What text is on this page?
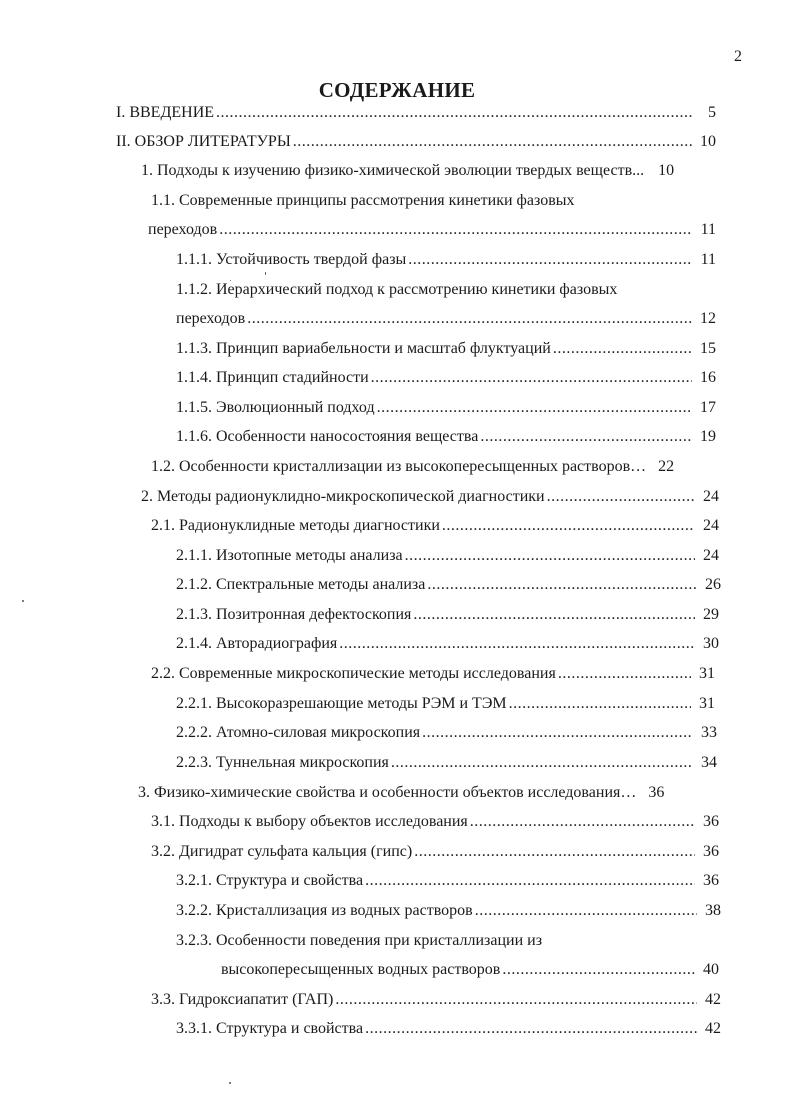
2
СОДЕРЖАНИЕ
I. ВВЕДЕНИЕ .....	5
II. ОБЗОР ЛИТЕРАТУРЫ .....	10
1. Подходы к изучению физико-химической эволюции твердых веществ... 10
1.1. Современные принципы рассмотрения кинетики фазовых
переходов .....	11
1.1.1. Устойчивость твердой фазы .....	11
1.1.2. Иерархический подход к рассмотрению кинетики фазовых
переходов .....	12
1.1.3. Принцип вариабельности и масштаб флуктуаций .....	15
1.1.4. Принцип стадийности .....	16
1.1.5. Эволюционный подход .....	17
1.1.6. Особенности наносостояния вещества .....	19
1.2. Особенности кристаллизации из высокопересыщенных растворов… 22
2. Методы радионуклидно-микроскопической диагностики .....	24
2.1. Радионуклидные методы диагностики .....	24
2.1.1. Изотопные методы анализа .....	24
2.1.2. Спектральные методы анализа .....	26
2.1.3. Позитронная дефектоскопия .....	29
2.1.4. Авторадиография .....	30
2.2. Современные микроскопические методы исследования .....	31
2.2.1. Высокоразрешающие методы РЭМ и ТЭМ .....	31
2.2.2. Атомно-силовая микроскопия .....	33
2.2.3. Туннельная микроскопия .....	34
3. Физико-химические свойства и особенности объектов исследования… 36
3.1. Подходы к выбору объектов исследования .....	36
3.2. Дигидрат сульфата кальция (гипс) .....	36
3.2.1. Структура и свойства .....	36
3.2.2. Кристаллизация из водных растворов .....	38
3.2.3. Особенности поведения при кристаллизации из
высокопересыщенных водных растворов .....	40
3.3. Гидроксиапатит (ГАП) .....	42
3.3.1. Структура и свойства .....	42
